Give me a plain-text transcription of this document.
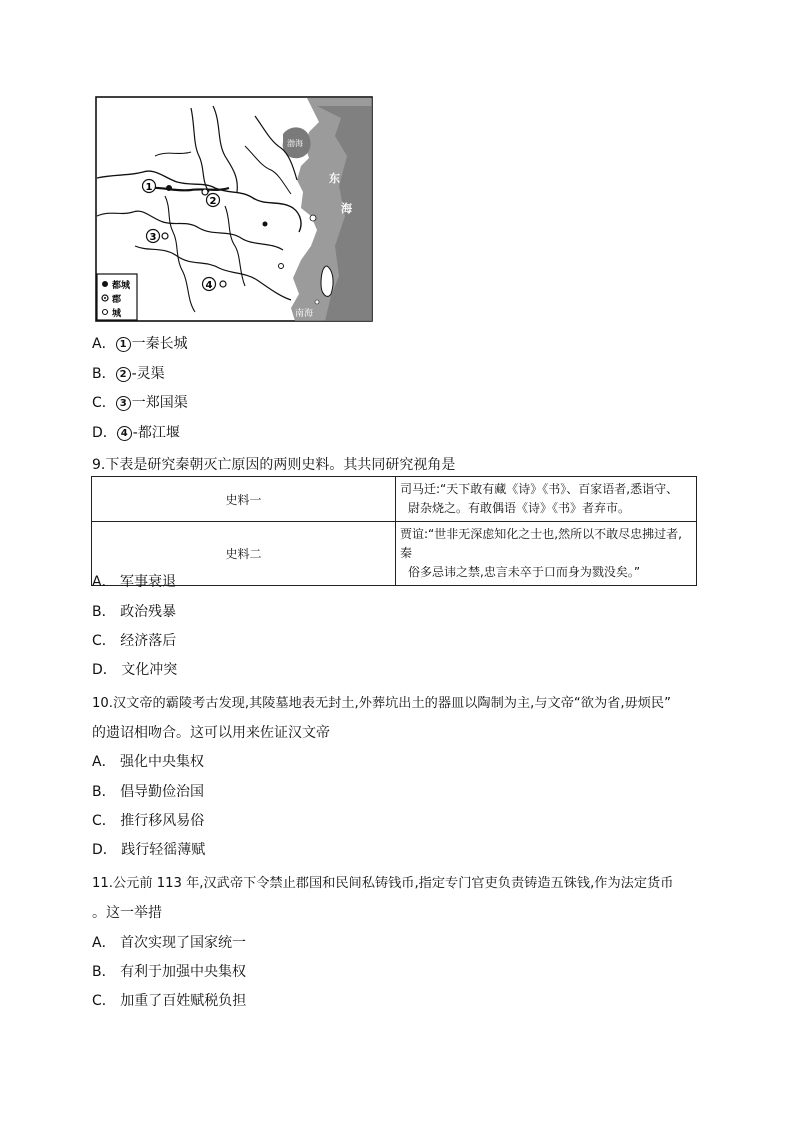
1
2
3
4
东
海
南海
渤海
都城
郡
城
A． 1 一秦长城
B． 2 -灵渠
C． 3 一郑国渠
D． 4 -都江堰
9.下表是研究秦朝灭亡原因的两则史料。其共同研究视角是
史料一	司马迁:“天下敢有藏《诗》《书》、百家语者,悉诣守、
尉杂烧之。有敢偶语《诗》《书》者弃市。

史料二	贾谊:“世非无深虑知化之士也,然所以不敢尽忠拂过者,秦
俗多忌讳之禁,忠言未卒于口而身为戮没矣。”
A． 军事衰退
B． 政治残暴
C． 经济落后
D． 文化冲突
10.汉文帝的霸陵考古发现,其陵墓地表无封土,外葬坑出土的器皿以陶制为主,与文帝“欲为省,毋烦民”
的遗诏相吻合。这可以用来佐证汉文帝
A． 强化中央集权
B． 倡导勤俭治国
C． 推行移风易俗
D． 践行轻徭薄赋
11.公元前 113 年,汉武帝下令禁止郡国和民间私铸钱币,指定专门官吏负责铸造五铢钱,作为法定货币
。这一举措
A． 首次实现了国家统一
B． 有利于加强中央集权
C． 加重了百姓赋税负担
